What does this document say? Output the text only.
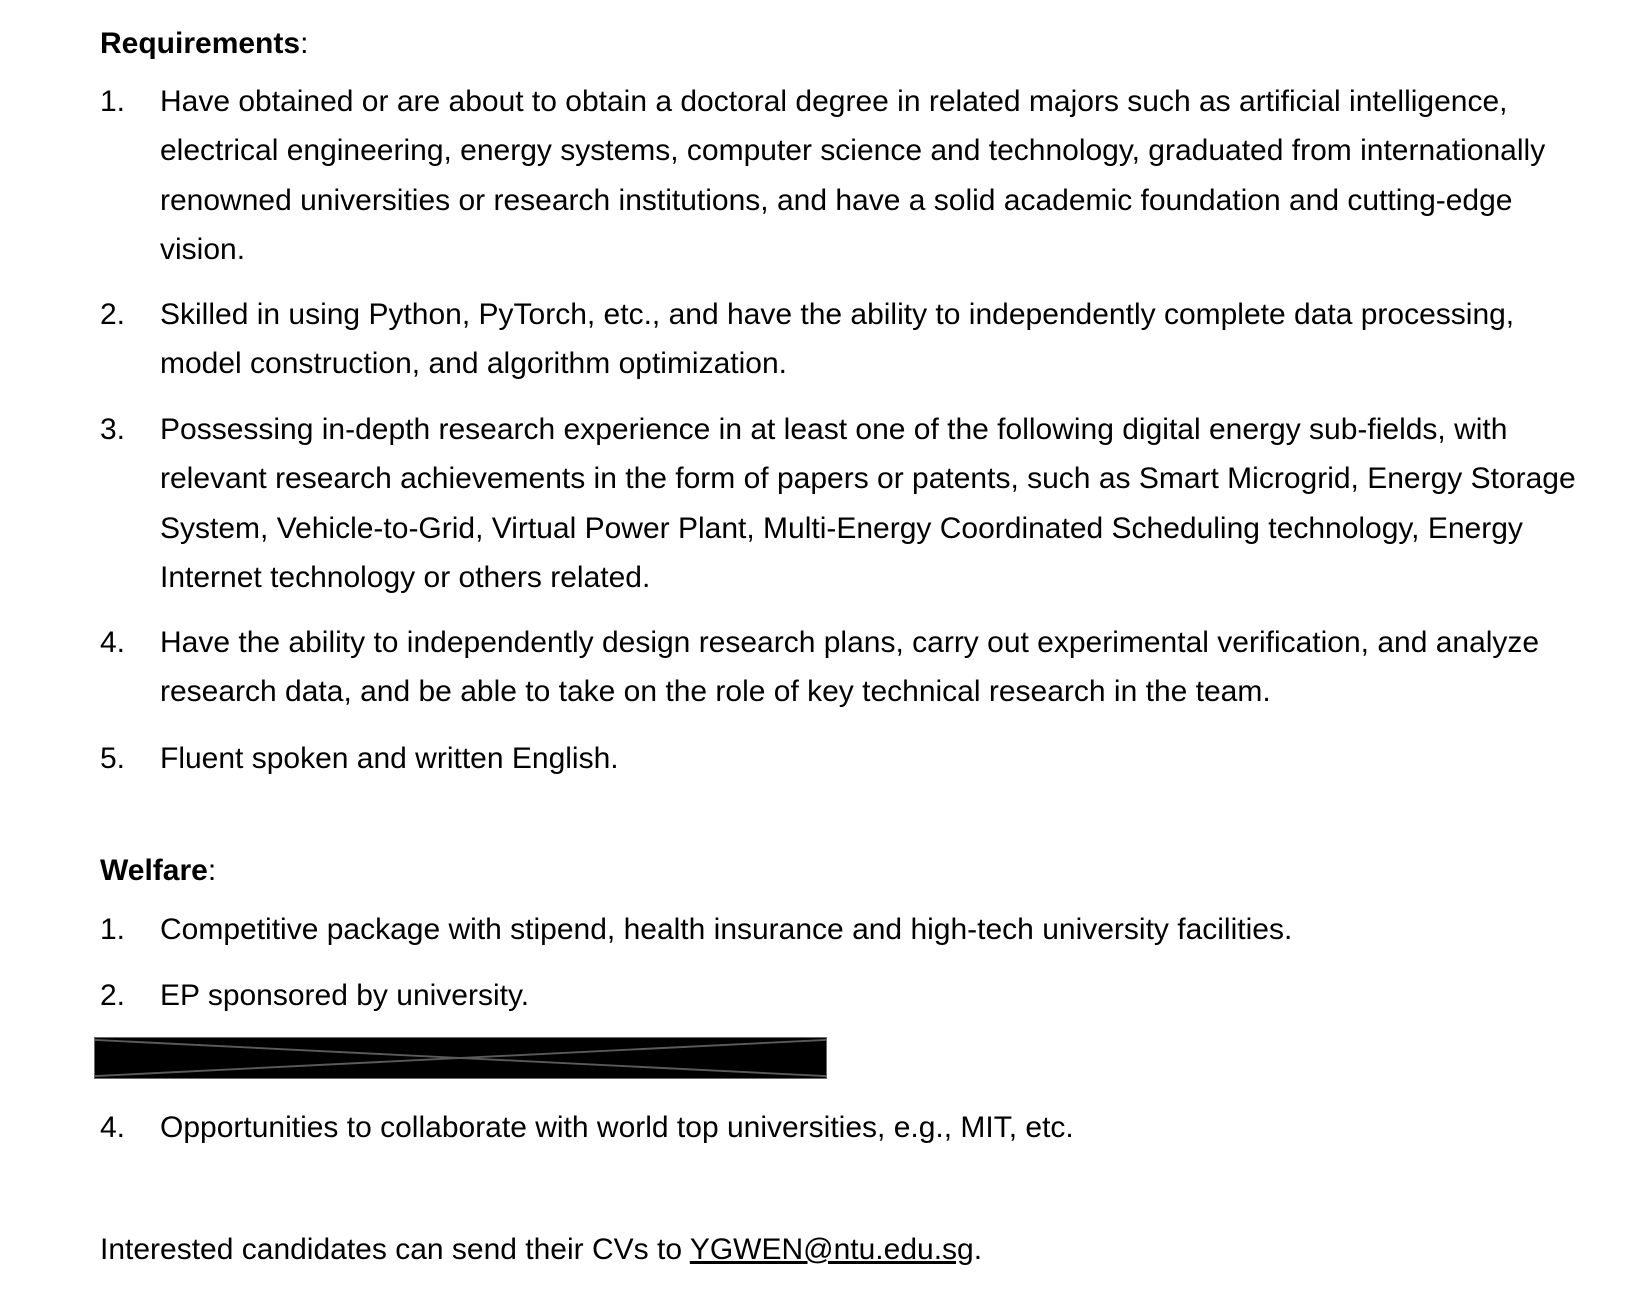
Requirements:
1.	Have obtained or are about to obtain a doctoral degree in related majors such as artificial intelligence, electrical engineering, energy systems, computer science and technology, graduated from internationally renowned universities or research institutions, and have a solid academic foundation and cutting-edge vision.
2.	Skilled in using Python, PyTorch, etc., and have the ability to independently complete data processing, model construction, and algorithm optimization.
3.	Possessing in-depth research experience in at least one of the following digital energy sub-fields, with relevant research achievements in the form of papers or patents, such as Smart Microgrid, Energy Storage System, Vehicle-to-Grid, Virtual Power Plant, Multi-Energy Coordinated Scheduling technology, Energy Internet technology or others related.
4.	Have the ability to independently design research plans, carry out experimental verification, and analyze research data, and be able to take on the role of key technical research in the team.
5.	Fluent spoken and written English.
Welfare:
1.	Competitive package with stipend, health insurance and high-tech university facilities.
2.	EP sponsored by university.
4.	Opportunities to collaborate with world top universities, e.g., MIT, etc.
Interested candidates can send their CVs to YGWEN@ntu.edu.sg.
